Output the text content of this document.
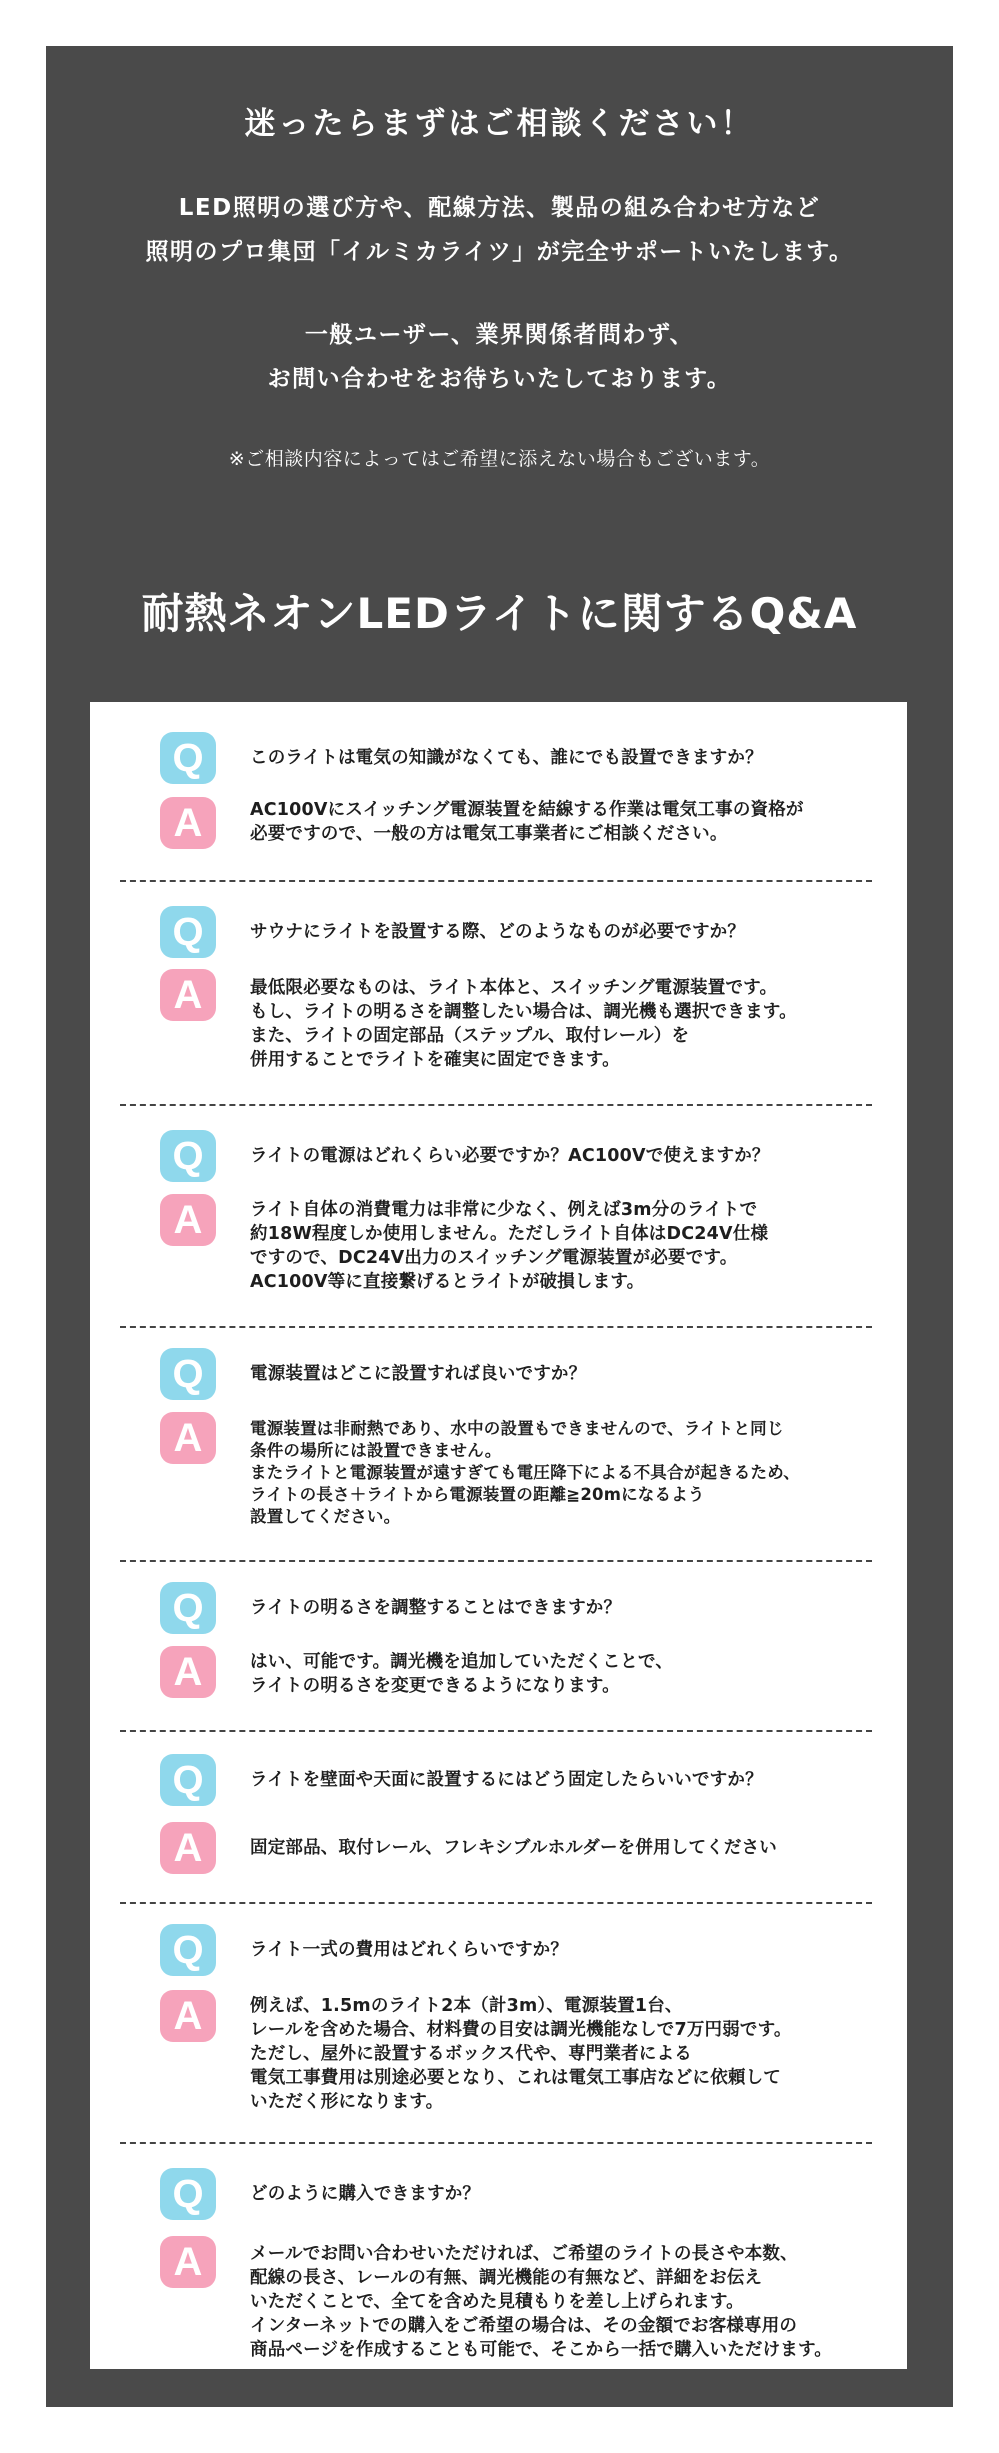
迷ったらまずはご相談ください！
LED照明の選び方や、配線方法、製品の組み合わせ方など
照明のプロ集団「イルミカライツ」が完全サポートいたします。
一般ユーザー、業界関係者問わず、
お問い合わせをお待ちいたしております。
※ご相談内容によってはご希望に添えない場合もございます。
耐熱ネオンLEDライトに関するQ&A
Q	このライトは電気の知識がなくても、誰にでも設置できますか？
A	AC100Vにスイッチング電源装置を結線する作業は電気工事の資格が
必要ですので、一般の方は電気工事業者にご相談ください。
Q	サウナにライトを設置する際、どのようなものが必要ですか？
A	最低限必要なものは、ライト本体と、スイッチング電源装置です。
もし、ライトの明るさを調整したい場合は、調光機も選択できます。
また、ライトの固定部品（ステップル、取付レール）を
併用することでライトを確実に固定できます。
Q	ライトの電源はどれくらい必要ですか？AC100Vで使えますか？
A	ライト自体の消費電力は非常に少なく、例えば3m分のライトで
約18W程度しか使用しません。ただしライト自体はDC24V仕様
ですので、DC24V出力のスイッチング電源装置が必要です。
AC100V等に直接繋げるとライトが破損します。
Q	電源装置はどこに設置すれば良いですか？
A	電源装置は非耐熱であり、水中の設置もできませんので、ライトと同じ
条件の場所には設置できません。
またライトと電源装置が遠すぎても電圧降下による不具合が起きるため、
ライトの長さ＋ライトから電源装置の距離≧20mになるよう
設置してください。
Q	ライトの明るさを調整することはできますか？
A	はい、可能です。調光機を追加していただくことで、
ライトの明るさを変更できるようになります。
Q	ライトを壁面や天面に設置するにはどう固定したらいいですか？
A	固定部品、取付レール、フレキシブルホルダーを併用してください
Q	ライト一式の費用はどれくらいですか？
A	例えば、1.5mのライト2本（計3m）、電源装置1台、
レールを含めた場合、材料費の目安は調光機能なしで7万円弱です。
ただし、屋外に設置するボックス代や、専門業者による
電気工事費用は別途必要となり、これは電気工事店などに依頼して
いただく形になります。
Q	どのように購入できますか？
A	メールでお問い合わせいただければ、ご希望のライトの長さや本数、
配線の長さ、レールの有無、調光機能の有無など、詳細をお伝え
いただくことで、全てを含めた見積もりを差し上げられます。
インターネットでの購入をご希望の場合は、その金額でお客様専用の
商品ページを作成することも可能で、そこから一括で購入いただけます。
